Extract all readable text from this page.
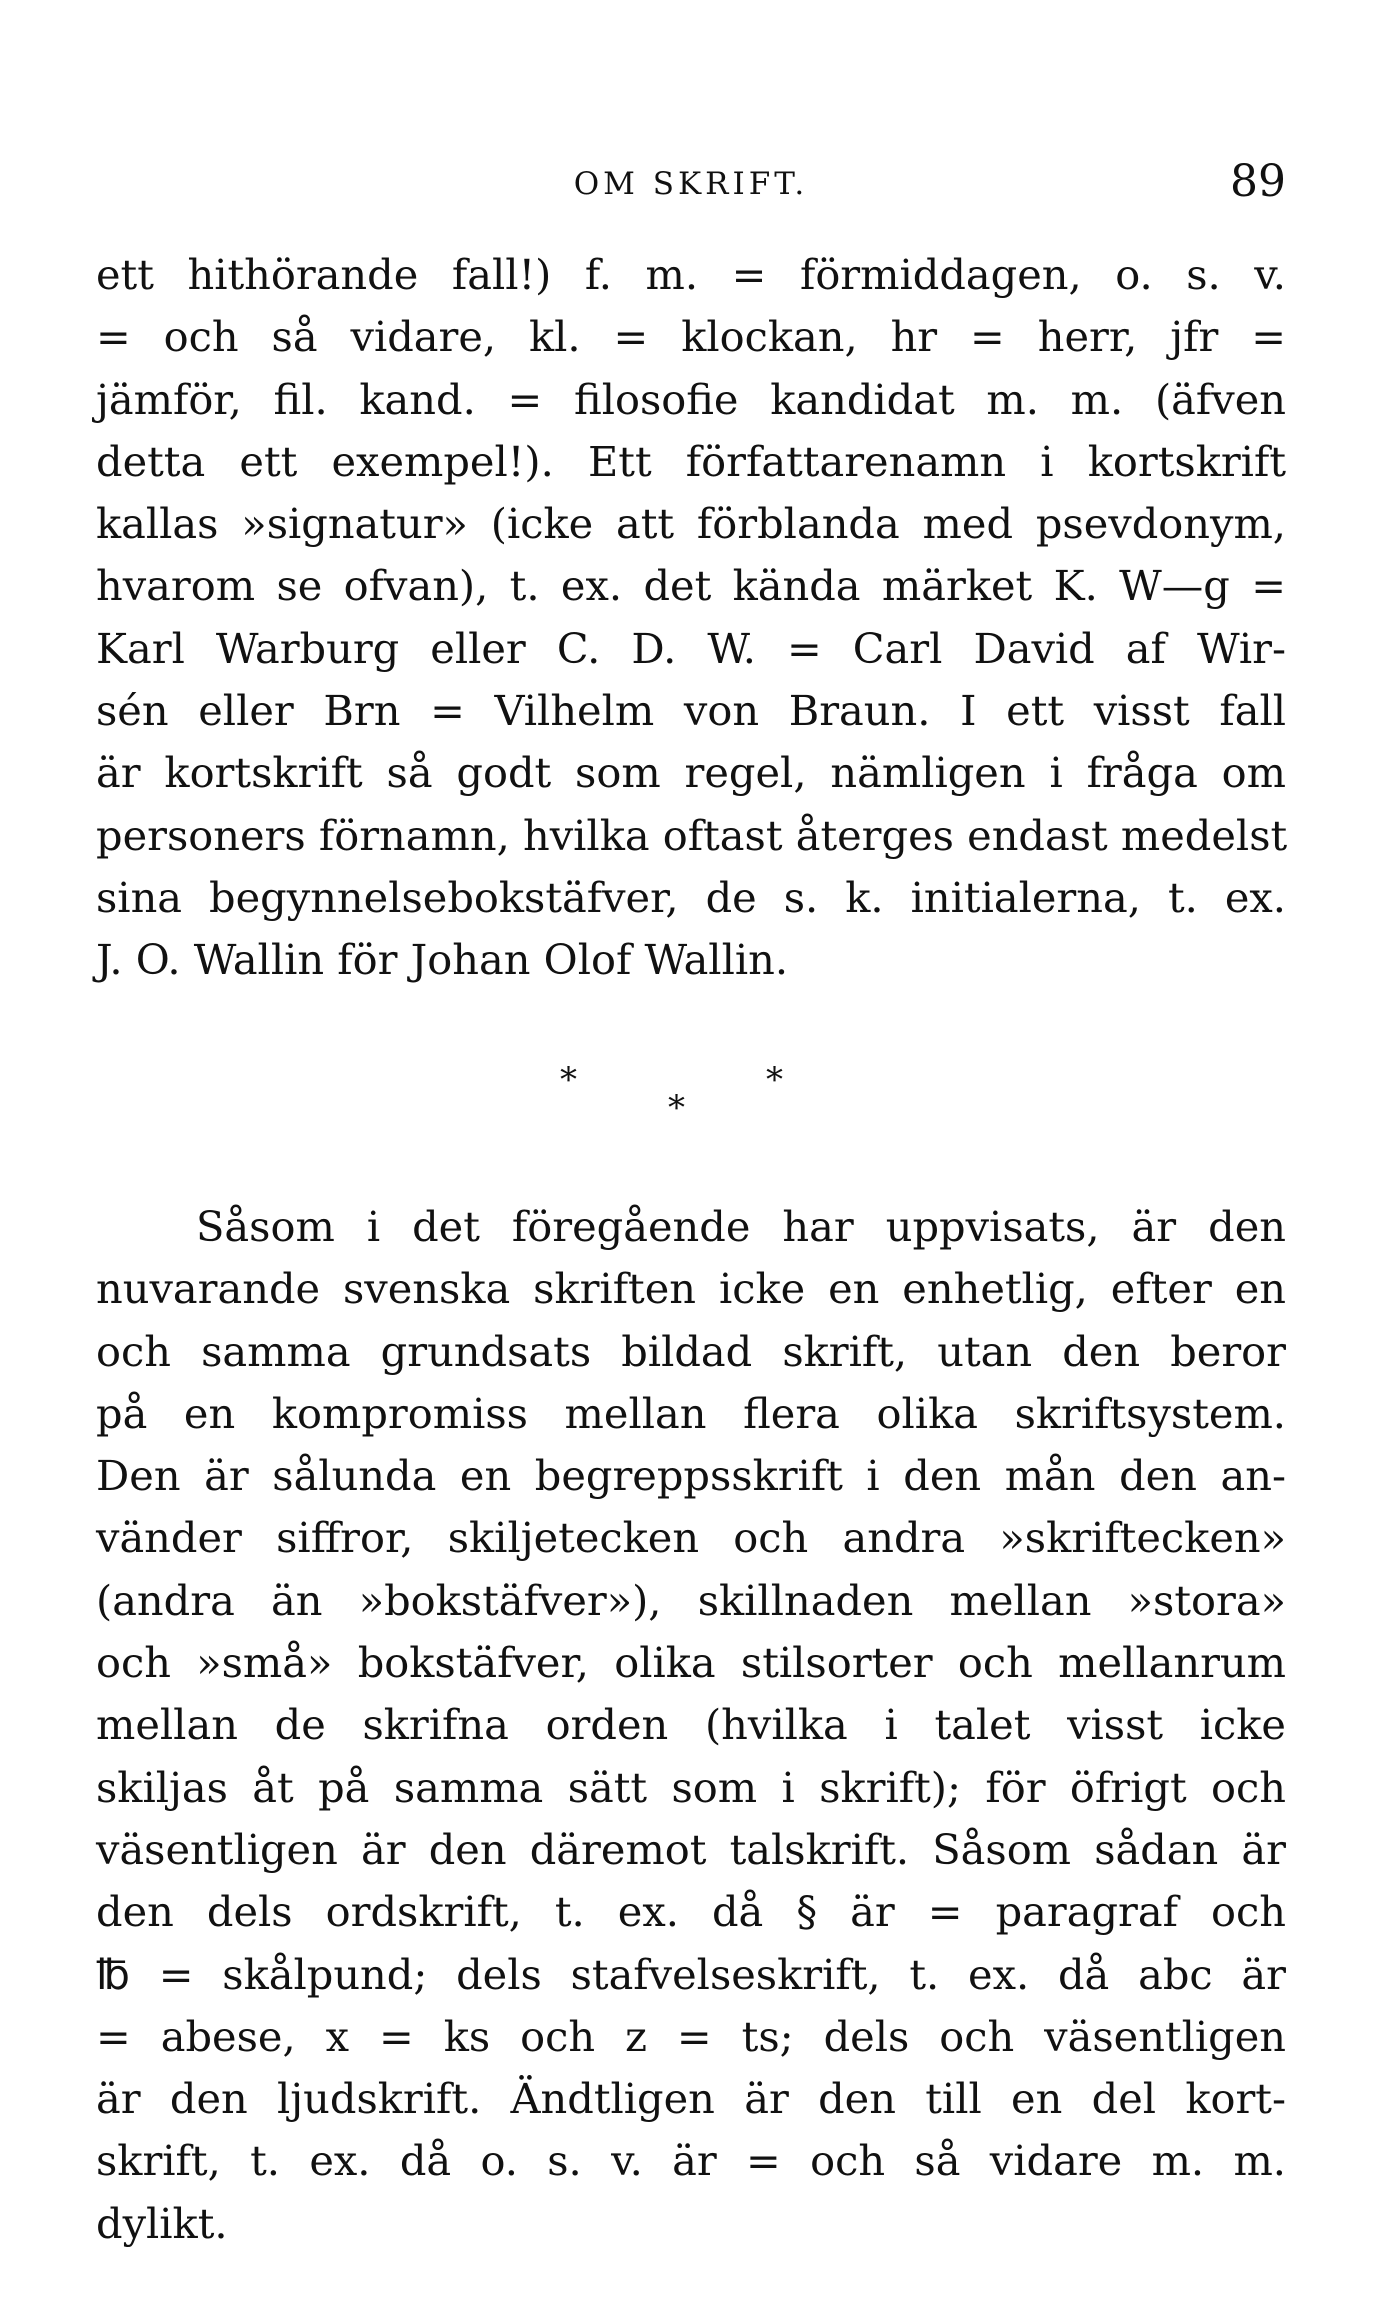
OM SKRIFT.	89
ett hithörande fall!) f. m. = förmiddagen, o. s. v.
= och så vidare, kl. = klockan, hr = herr, jfr =
jämför, fil. kand. = filosofie kandidat m. m. (äfven
detta ett exempel!). Ett författarenamn i kortskrift
kallas »signatur» (icke att förblanda med psevdonym,
hvarom se ofvan), t. ex. det kända märket K. W—g =
Karl Warburg eller C. D. W. = Carl David af Wir-
sén eller Brn = Vilhelm von Braun. I ett visst fall
är kortskrift så godt som regel, nämligen i fråga om
personers förnamn, hvilka oftast återges endast medelst
sina begynnelsebokstäfver, de s. k. initialerna, t. ex.
J. O. Wallin för Johan Olof Wallin.
*
*
*
Såsom i det föregående har uppvisats, är den
nuvarande svenska skriften icke en enhetlig, efter en
och samma grundsats bildad skrift, utan den beror
på en kompromiss mellan flera olika skriftsystem.
Den är sålunda en begreppsskrift i den mån den an-
vänder siffror, skiljetecken och andra »skriftecken»
(andra än »bokstäfver»), skillnaden mellan »stora»
och »små» bokstäfver, olika stilsorter och mellanrum
mellan de skrifna orden (hvilka i talet visst icke
skiljas åt på samma sätt som i skrift); för öfrigt och
väsentligen är den däremot talskrift. Såsom sådan är
den dels ordskrift, t. ex. då § är = paragraf och
℔ = skålpund; dels stafvelseskrift, t. ex. då abc är
= abese, x = ks och z = ts; dels och väsentligen
är den ljudskrift. Ändtligen är den till en del kort-
skrift, t. ex. då o. s. v. är = och så vidare m. m.
dylikt.
